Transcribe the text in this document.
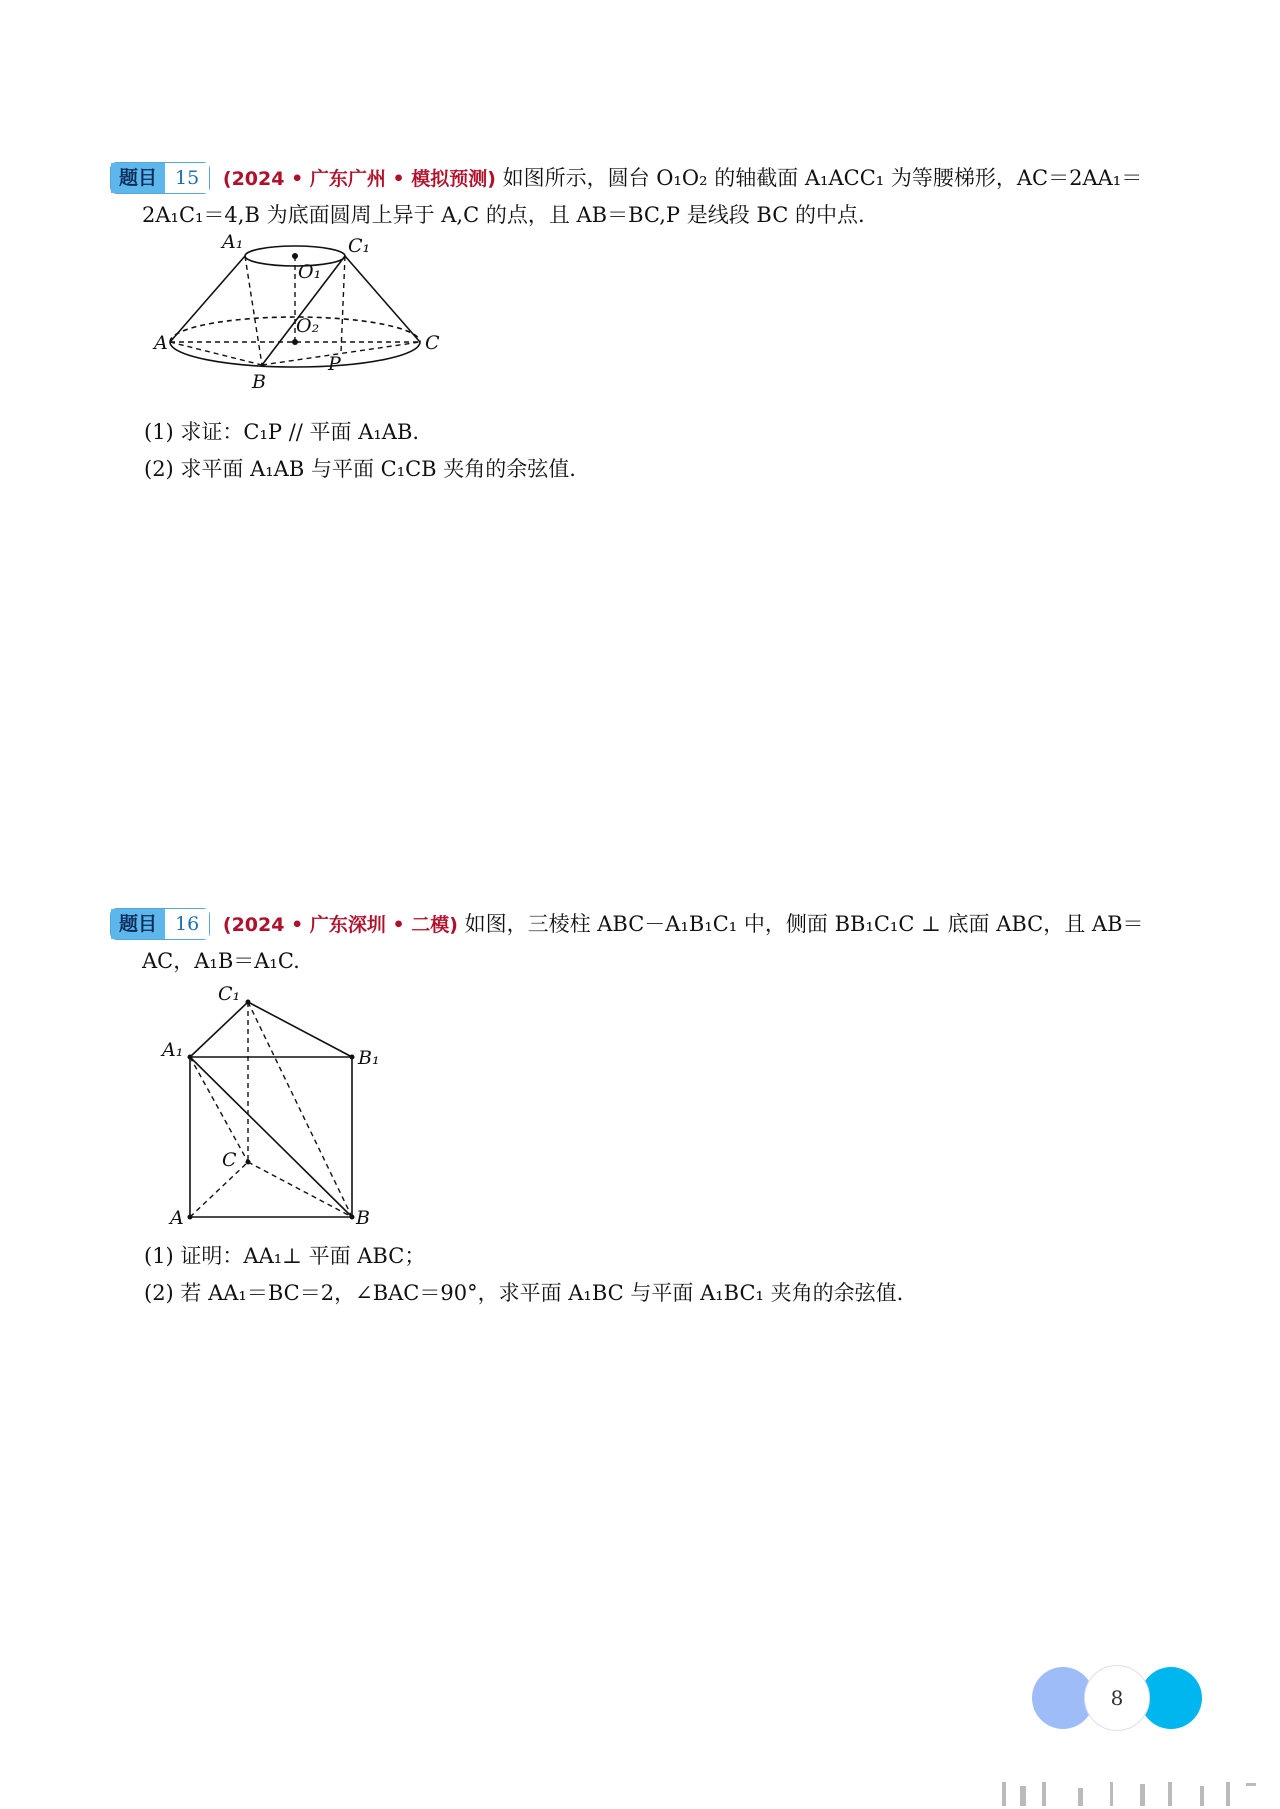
题目 15	(2024 • 广东广州 • 模拟预测) 如图所示，圆台 O₁O₂ 的轴截面 A₁ACC₁ 为等腰梯形，AC＝2AA₁＝
2A₁C₁＝4,B 为底面圆周上异于 A,C 的点，且 AB＝BC,P 是线段 BC 的中点.
A₁	C₁
O₁
O₂
A	C
B
P
(1) 求证：C₁P // 平面 A₁AB.
(2) 求平面 A₁AB 与平面 C₁CB 夹角的余弦值.
题目 16	(2024 • 广东深圳 • 二模) 如图，三棱柱 ABC－A₁B₁C₁ 中，侧面 BB₁C₁C ⊥ 底面 ABC，且 AB＝
AC，A₁B＝A₁C.
C₁
A₁	B₁
C
A	B
(1) 证明：AA₁⊥ 平面 ABC；
(2) 若 AA₁＝BC＝2，∠BAC＝90°，求平面 A₁BC 与平面 A₁BC₁ 夹角的余弦值.
8
